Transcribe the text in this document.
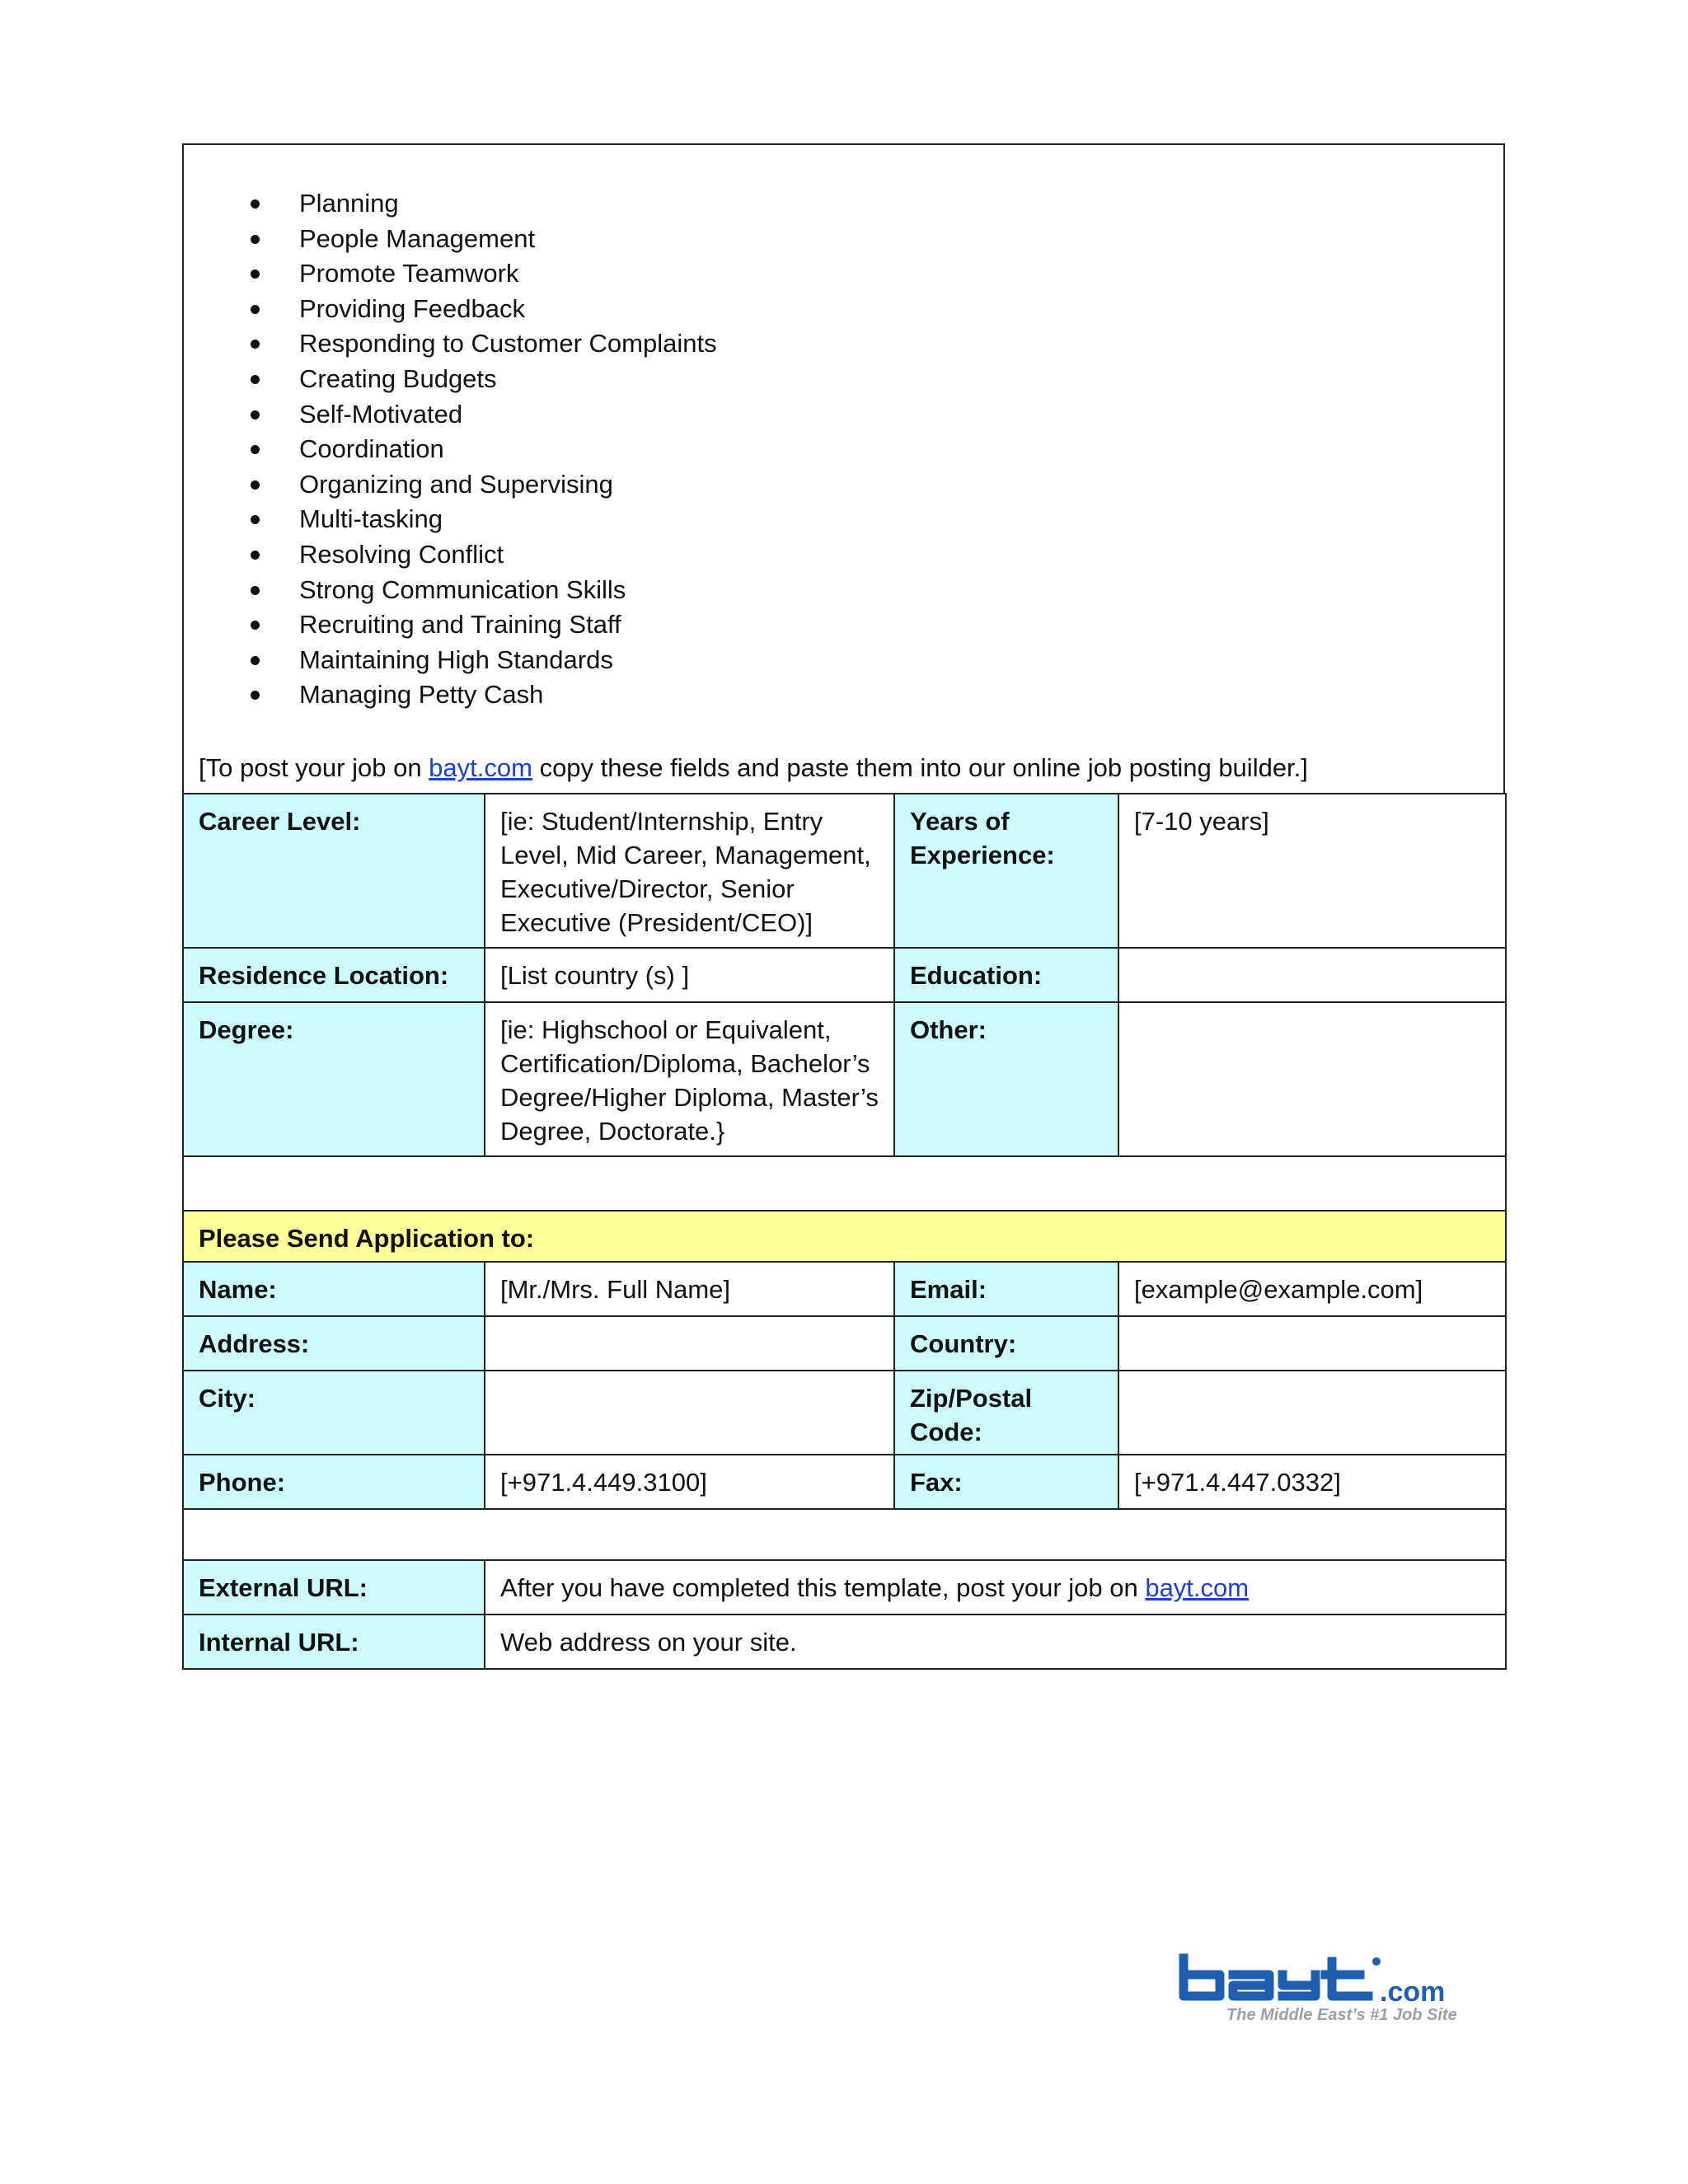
Planning
People Management
Promote Teamwork
Providing Feedback
Responding to Customer Complaints
Creating Budgets
Self-Motivated
Coordination
Organizing and Supervising
Multi-tasking
Resolving Conflict
Strong Communication Skills
Recruiting and Training Staff
Maintaining High Standards
Managing Petty Cash
[To post your job on bayt.com copy these fields and paste them into our online job posting builder.]
Career Level:	[ie: Student/Internship, Entry Level, Mid Career, Management, Executive/Director, Senior Executive (President/CEO)]	Years of Experience:	[7-10 years]
Residence Location:	[List country (s) ]	Education:	
Degree:	[ie: Highschool or Equivalent, Certification/Diploma, Bachelor’s Degree/Higher Diploma, Master’s Degree, Doctorate.}	Other:	

Please Send Application to:			
Name:	[Mr./Mrs. Full Name]	Email:	[example@example.com]
Address:		Country:	
City:		Zip/Postal Code:	
Phone:	[+971.4.449.3100]	Fax:	[+971.4.447.0332]

External URL:	After you have completed this template, post your job on bayt.com		
Internal URL:	Web address on your site.		
.com
The Middle East’s #1 Job Site
